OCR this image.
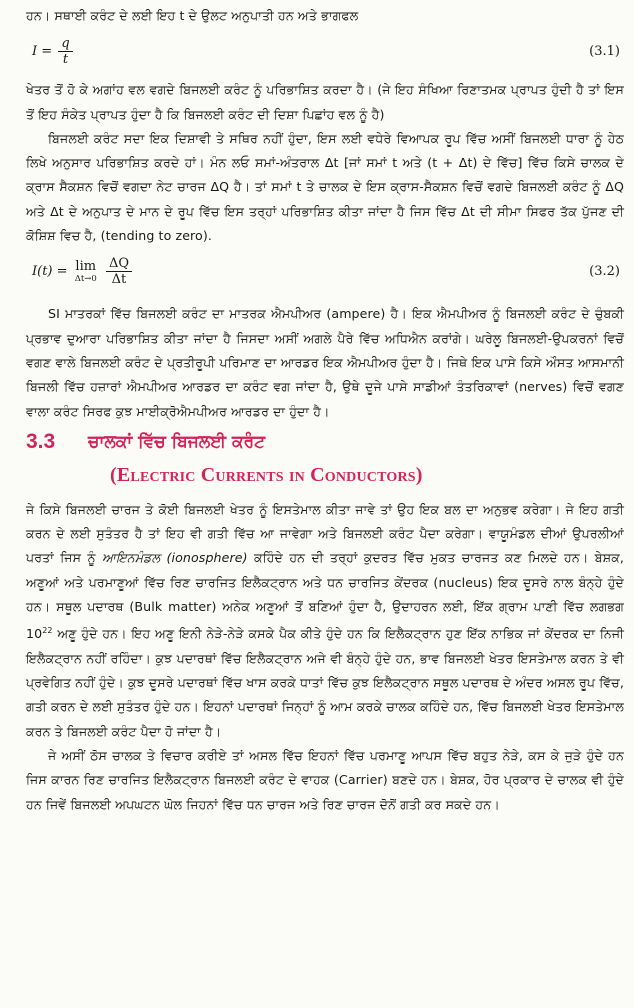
ਹਨ। ਸਥਾਈ ਕਰੰਟ ਦੇ ਲਈ ਇਹ t ਦੇ ਉਲਟ ਅਨੁਪਾਤੀ ਹਨ ਅਤੇ ਭਾਗਫਲ

$I = \frac{q}{t}$	(3.1)

ਖੇਤਰ ਤੋਂ ਹੋ ਕੇ ਅਗਾਂਹ ਵਲ ਵਗਦੇ ਬਿਜਲਈ ਕਰੰਟ ਨੂੰ ਪਰਿਭਾਸ਼ਿਤ ਕਰਦਾ ਹੈ। (ਜੇ ਇਹ ਸੰਖਿਆ ਰਿਣਾਤਮਕ ਪ੍ਰਾਪਤ ਹੁੰਦੀ ਹੈ ਤਾਂ ਇਸ ਤੋਂ ਇਹ ਸੰਕੇਤ ਪ੍ਰਾਪਤ ਹੁੰਦਾ ਹੈ ਕਿ ਬਿਜਲਈ ਕਰੰਟ ਦੀ ਦਿਸ਼ਾ ਪਿਛਾਂਹ ਵਲ ਨੂੰ ਹੈ)

ਬਿਜਲਈ ਕਰੰਟ ਸਦਾ ਇਕ ਦਿਸ਼ਾਵੀ ਤੇ ਸਥਿਰ ਨਹੀਂ ਹੁੰਦਾ, ਇਸ ਲਈ ਵਧੇਰੇ ਵਿਆਪਕ ਰੂਪ ਵਿੱਚ ਅਸੀਂ ਬਿਜਲਈ ਧਾਰਾ ਨੂੰ ਹੇਠ ਲਿਖੇ ਅਨੁਸਾਰ ਪਰਿਭਾਸ਼ਿਤ ਕਰਦੇ ਹਾਂ। ਮੰਨ ਲਓ ਸਮਾਂ-ਅੰਤਰਾਲ Δt [ਜਾਂ ਸਮਾਂ t ਅਤੇ (t + Δt) ਦੇ ਵਿੱਚ] ਵਿੱਚ ਕਿਸੇ ਚਾਲਕ ਦੇ ਕ੍ਰਾਸ ਸੈਕਸ਼ਨ ਵਿਚੋਂ ਵਗਦਾ ਨੇਟ ਚਾਰਜ ΔQ ਹੈ। ਤਾਂ ਸਮਾਂ t ਤੇ ਚਾਲਕ ਦੇ ਇਸ ਕ੍ਰਾਸ-ਸੈਕਸ਼ਨ ਵਿਚੋਂ ਵਗਦੇ ਬਿਜਲਈ ਕਰੰਟ ਨੂੰ ΔQ ਅਤੇ Δt ਦੇ ਅਨੁਪਾਤ ਦੇ ਮਾਨ ਦੇ ਰੂਪ ਵਿੱਚ ਇਸ ਤਰ੍ਹਾਂ ਪਰਿਭਾਸ਼ਿਤ ਕੀਤਾ ਜਾਂਦਾ ਹੈ ਜਿਸ ਵਿੱਚ Δt ਦੀ ਸੀਮਾ ਸਿਫਰ ਤੱਕ ਪੁੱਜਣ ਦੀ ਕੋਸ਼ਿਸ਼ ਵਿਚ ਹੈ, (tending to zero).

I(t) = lim
Δt→0
$\frac{\Delta Q}{\Delta t}$	(3.2)

SI ਮਾਤਰਕਾਂ ਵਿੱਚ ਬਿਜਲਈ ਕਰੰਟ ਦਾ ਮਾਤਰਕ ਐਮਪੀਅਰ (ampere) ਹੈ। ਇਕ ਐਮਪੀਅਰ ਨੂੰ ਬਿਜਲਈ ਕਰੰਟ ਦੇ ਚੁੰਬਕੀ ਪ੍ਰਭਾਵ ਦੁਆਰਾ ਪਰਿਭਾਸ਼ਿਤ ਕੀਤਾ ਜਾਂਦਾ ਹੈ ਜਿਸਦਾ ਅਸੀਂ ਅਗਲੇ ਪੈਰੇ ਵਿੱਚ ਅਧਿਐਨ ਕਰਾਂਗੇ। ਘਰੇਲੂ ਬਿਜਲਈ-ਉਪਕਰਨਾਂ ਵਿਚੋਂ ਵਗਣ ਵਾਲੇ ਬਿਜਲਈ ਕਰੰਟ ਦੇ ਪ੍ਰਤੀਰੂਪੀ ਪਰਿਮਾਣ ਦਾ ਆਰਡਰ ਇਕ ਐਮਪੀਅਰ ਹੁੰਦਾ ਹੈ। ਜਿਥੇ ਇਕ ਪਾਸੇ ਕਿਸੇ ਔਸਤ ਆਸਮਾਨੀ ਬਿਜਲੀ ਵਿੱਚ ਹਜ਼ਾਰਾਂ ਐਮਪੀਅਰ ਆਰਡਰ ਦਾ ਕਰੰਟ ਵਗ ਜਾਂਦਾ ਹੈ, ਉਥੇ ਦੂਜੇ ਪਾਸੇ ਸਾਡੀਆਂ ਤੰਤਰਿਕਾਵਾਂ (nerves) ਵਿਚੋਂ ਵਗਣ ਵਾਲਾ ਕਰੰਟ ਸਿਰਫ ਕੁਝ ਮਾਈਕ੍ਰੋਐਮਪੀਅਰ ਆਰਡਰ ਦਾ ਹੁੰਦਾ ਹੈ।

3.3 ਚਾਲਕਾਂ ਵਿੱਚ ਬਿਜਲਈ ਕਰੰਟ
(Electric Currents in Conductors)

ਜੇ ਕਿਸੇ ਬਿਜਲਈ ਚਾਰਜ ਤੇ ਕੋਈ ਬਿਜਲਈ ਖੇਤਰ ਨੂੰ ਇਸਤੇਮਾਲ ਕੀਤਾ ਜਾਵੇ ਤਾਂ ਉਹ ਇਕ ਬਲ ਦਾ ਅਨੁਭਵ ਕਰੇਗਾ। ਜੇ ਇਹ ਗਤੀ ਕਰਨ ਦੇ ਲਈ ਸੁਤੰਤਰ ਹੈ ਤਾਂ ਇਹ ਵੀ ਗਤੀ ਵਿੱਚ ਆ ਜਾਵੇਗਾ ਅਤੇ ਬਿਜਲਈ ਕਰੰਟ ਪੈਦਾ ਕਰੇਗਾ। ਵਾਯੂਮੰਡਲ ਦੀਆਂ ਉਪਰਲੀਆਂ ਪਰਤਾਂ ਜਿਸ ਨੂੰ ਆਇਨਮੰਡਲ (ionosphere) ਕਹਿੰਦੇ ਹਨ ਦੀ ਤਰ੍ਹਾਂ ਕੁਦਰਤ ਵਿੱਚ ਮੁਕਤ ਚਾਰਜਤ ਕਣ ਮਿਲਦੇ ਹਨ। ਬੇਸ਼ਕ, ਅਣੂਆਂ ਅਤੇ ਪਰਮਾਣੂਆਂ ਵਿੱਚ ਰਿਣ ਚਾਰਜਿਤ ਇਲੈਕਟ੍ਰਾਨ ਅਤੇ ਧਨ ਚਾਰਜਿਤ ਕੇਂਦਰਕ (nucleus) ਇਕ ਦੂਸਰੇ ਨਾਲ ਬੰਨ੍ਹੇ ਹੁੰਦੇ ਹਨ। ਸਥੂਲ ਪਦਾਰਥ (Bulk matter) ਅਨੇਕ ਅਣੂਆਂ ਤੋਂ ਬਣਿਆਂ ਹੁੰਦਾ ਹੈ, ਉਦਾਹਰਨ ਲਈ, ਇੱਕ ਗ੍ਰਾਮ ਪਾਣੀ ਵਿੱਚ ਲਗਭਗ $10^{22}$ ਅਣੂ ਹੁੰਦੇ ਹਨ। ਇਹ ਅਣੂ ਇਨੀ ਨੇੜੇ-ਨੇੜੇ ਕਸਕੇ ਪੈਕ ਕੀਤੇ ਹੁੰਦੇ ਹਨ ਕਿ ਇਲੈਕਟ੍ਰਾਨ ਹੁਣ ਇੱਕ ਨਾਭਿਕ ਜਾਂ ਕੇਂਦਰਕ ਦਾ ਨਿਜੀ ਇਲੈਕਟ੍ਰਾਨ ਨਹੀਂ ਰਹਿੰਦਾ। ਕੁਝ ਪਦਾਰਥਾਂ ਵਿੱਚ ਇਲੈਕਟ੍ਰਾਨ ਅਜੇ ਵੀ ਬੰਨ੍ਹੇ ਹੁੰਦੇ ਹਨ, ਭਾਵ ਬਿਜਲਈ ਖੇਤਰ ਇਸਤੇਮਾਲ ਕਰਨ ਤੇ ਵੀ ਪ੍ਰਵੇਗਿਤ ਨਹੀਂ ਹੁੰਦੇ। ਕੁਝ ਦੂਸਰੇ ਪਦਾਰਥਾਂ ਵਿੱਚ ਖਾਸ ਕਰਕੇ ਧਾਤਾਂ ਵਿੱਚ ਕੁਝ ਇਲੈਕਟ੍ਰਾਨ ਸਥੂਲ ਪਦਾਰਥ ਦੇ ਅੰਦਰ ਅਸਲ ਰੂਪ ਵਿੱਚ, ਗਤੀ ਕਰਨ ਦੇ ਲਈ ਸੁਤੰਤਰ ਹੁੰਦੇ ਹਨ। ਇਹਨਾਂ ਪਦਾਰਥਾਂ ਜਿਨ੍ਹਾਂ ਨੂੰ ਆਮ ਕਰਕੇ ਚਾਲਕ ਕਹਿੰਦੇ ਹਨ, ਵਿੱਚ ਬਿਜਲਈ ਖੇਤਰ ਇਸਤੇਮਾਲ ਕਰਨ ਤੇ ਬਿਜਲਈ ਕਰੰਟ ਪੈਦਾ ਹੋ ਜਾਂਦਾ ਹੈ।

ਜੇ ਅਸੀਂ ਠੋਸ ਚਾਲਕ ਤੇ ਵਿਚਾਰ ਕਰੀਏ ਤਾਂ ਅਸਲ ਵਿੱਚ ਇਹਨਾਂ ਵਿੱਚ ਪਰਮਾਣੂ ਆਪਸ ਵਿੱਚ ਬਹੁਤ ਨੇੜੇ, ਕਸ ਕੇ ਜੁੜੇ ਹੁੰਦੇ ਹਨ ਜਿਸ ਕਾਰਨ ਰਿਣ ਚਾਰਜਿਤ ਇਲੈਕਟ੍ਰਾਨ ਬਿਜਲਈ ਕਰੰਟ ਦੇ ਵਾਹਕ (Carrier) ਬਣਦੇ ਹਨ। ਬੇਸ਼ਕ, ਹੋਰ ਪ੍ਰਕਾਰ ਦੇ ਚਾਲਕ ਵੀ ਹੁੰਦੇ ਹਨ ਜਿਵੇਂ ਬਿਜਲਈ ਅਪਘਟਨ ਘੋਲ ਜਿਹਨਾਂ ਵਿੱਚ ਧਨ ਚਾਰਜ ਅਤੇ ਰਿਣ ਚਾਰਜ ਦੋਨੋਂ ਗਤੀ ਕਰ ਸਕਦੇ ਹਨ।
